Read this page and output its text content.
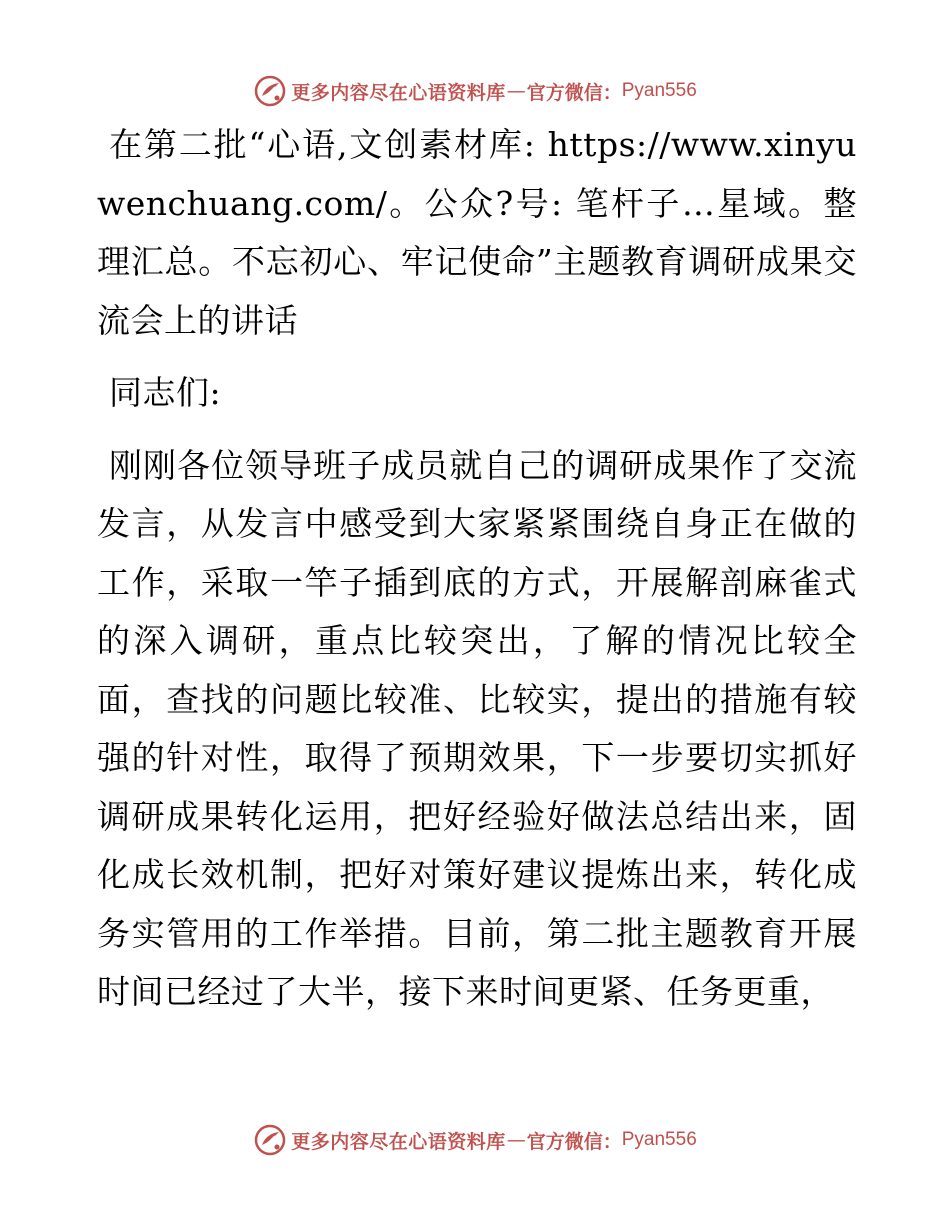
更多内容尽在心语资料库 — 官方微信： Pyan556

在第二批“心语,文创素材库: https://www.xinyuwenchuang.com/。公众?号: 笔杆子…星域。整理汇总。不忘初心、牢记使命”主题教育调研成果交流会上的讲话

同志们:

刚刚各位领导班子成员就自己的调研成果作了交流发言，从发言中感受到大家紧紧围绕自身正在做的工作，采取一竿子插到底的方式，开展解剖麻雀式的深入调研，重点比较突出，了解的情况比较全面，查找的问题比较准、比较实，提出的措施有较强的针对性，取得了预期效果，下一步要切实抓好调研成果转化运用，把好经验好做法总结出来，固化成长效机制，把好对策好建议提炼出来，转化成务实管用的工作举措。目前，第二批主题教育开展时间已经过了大半，接下来时间更紧、任务更重，

更多内容尽在心语资料库 — 官方微信： Pyan556
